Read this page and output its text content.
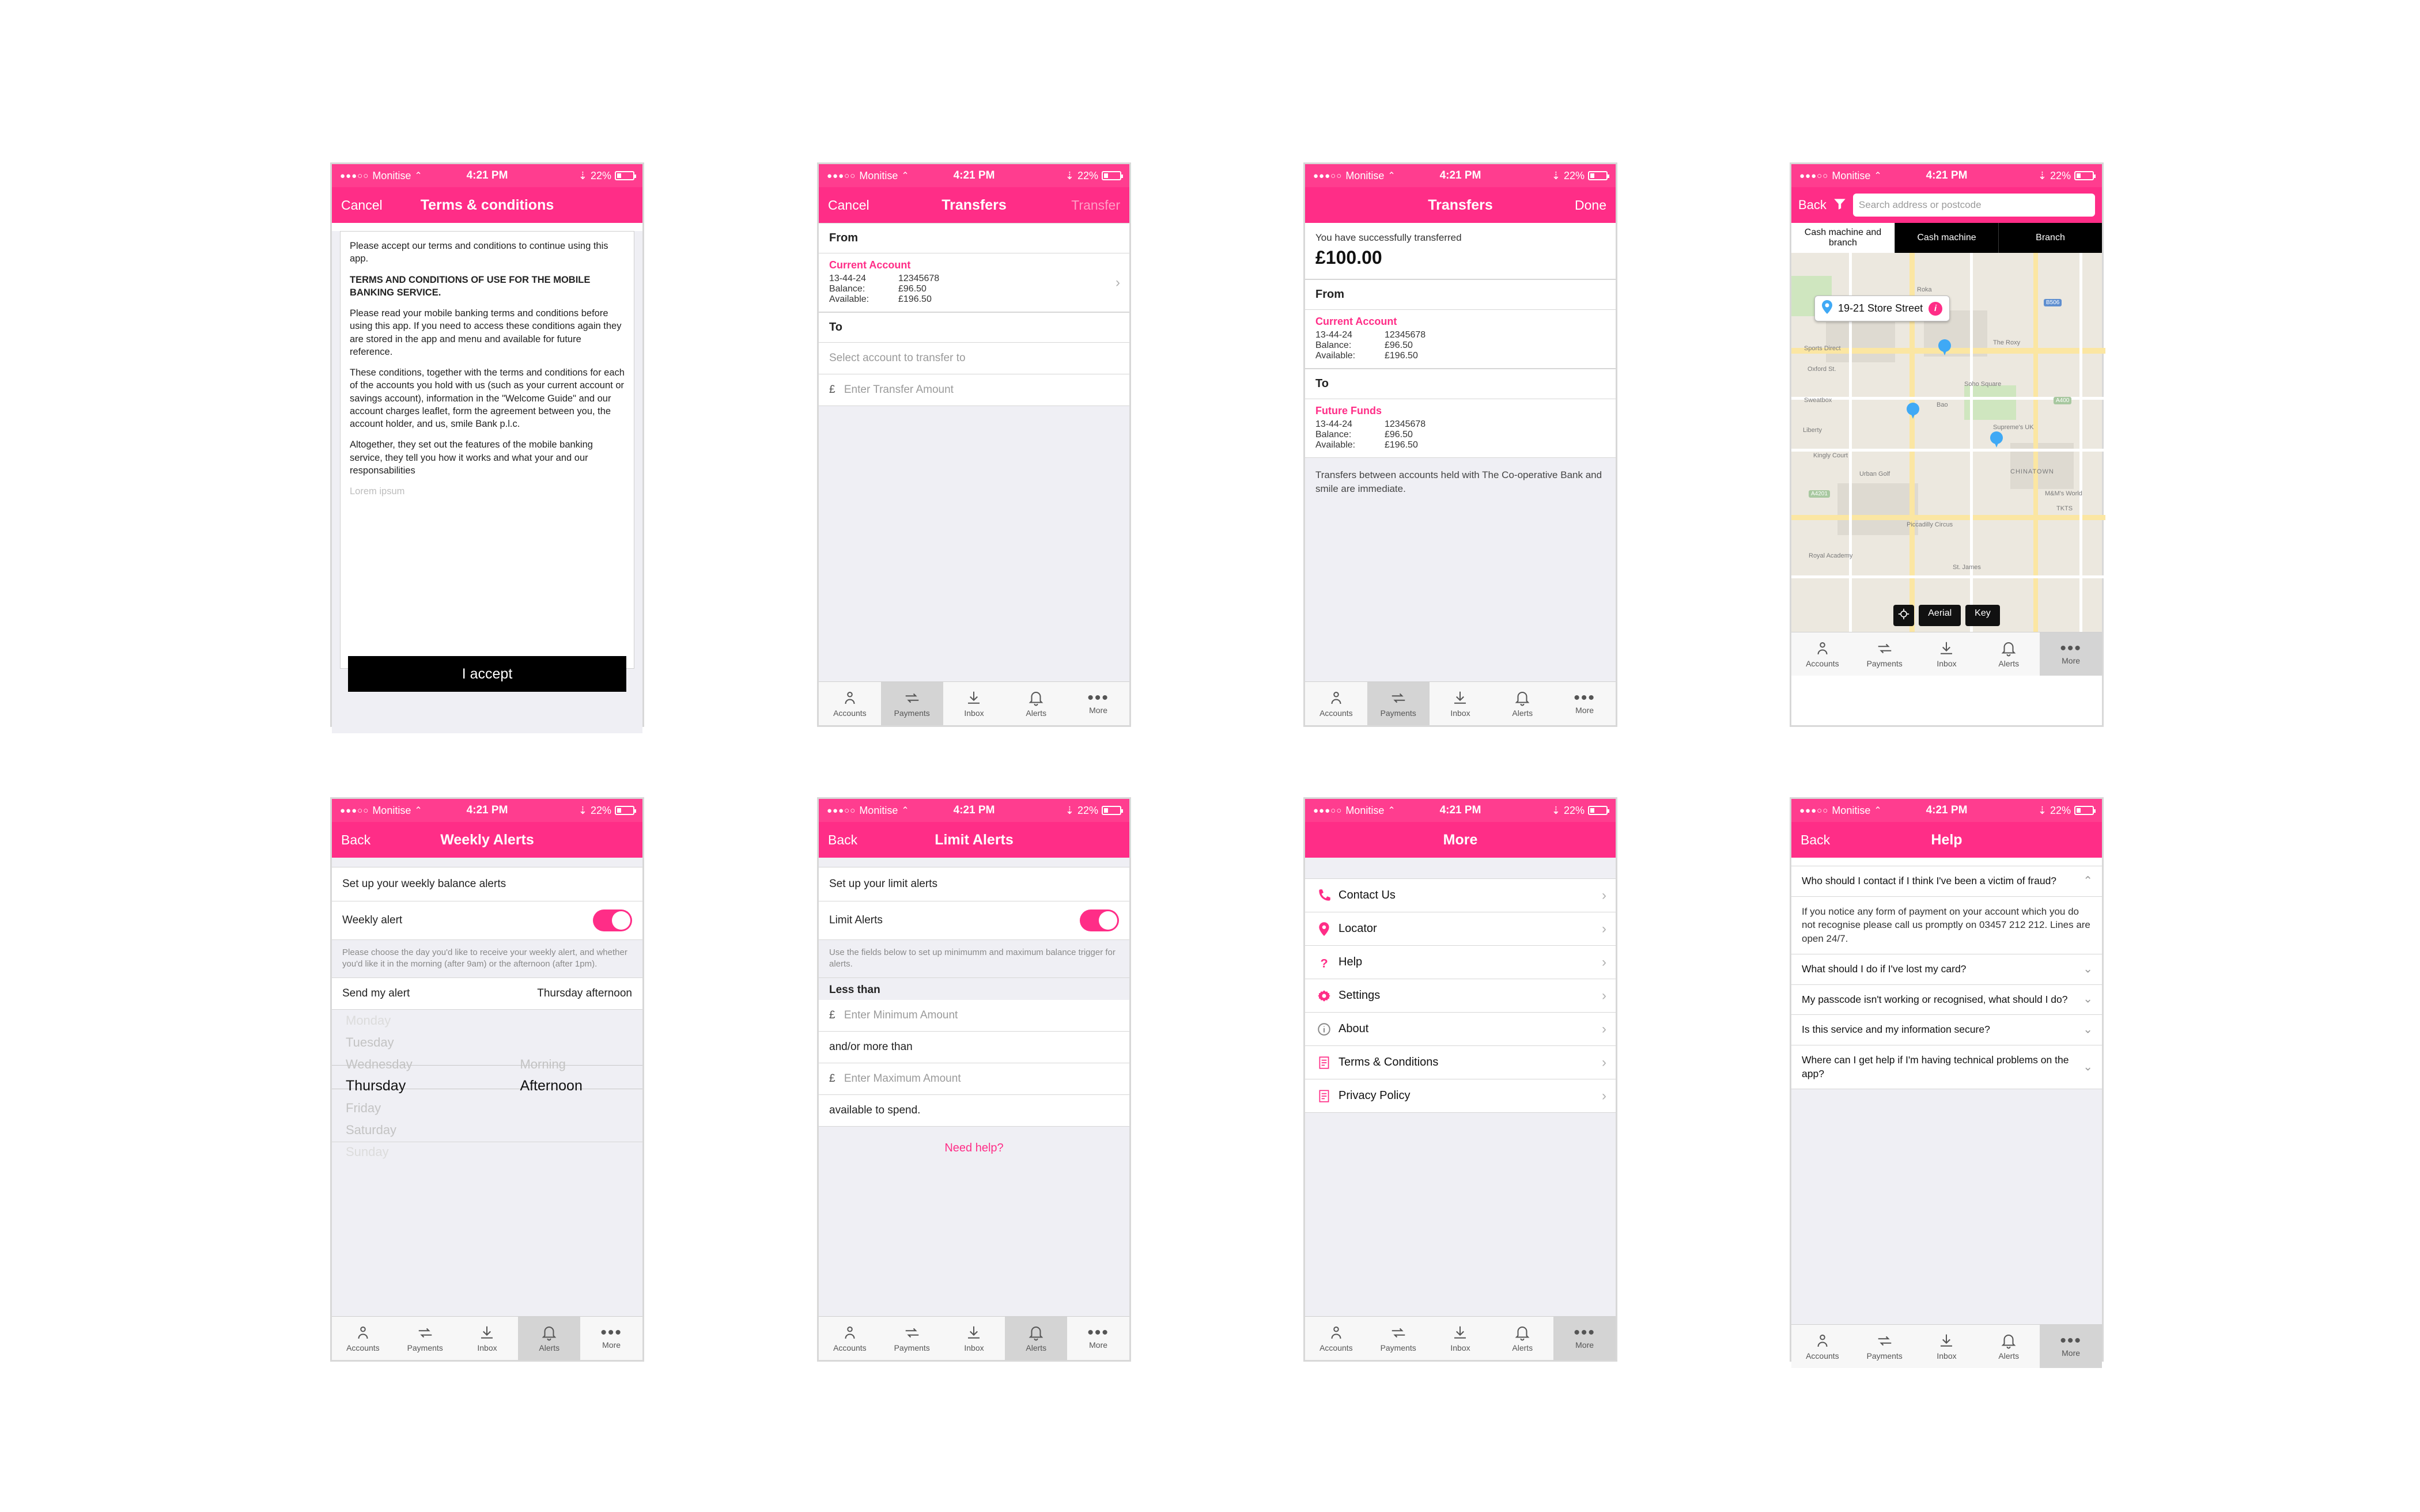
●●●○○ Monitise ⌃	4:21 PM	⇣ 22%
Cancel	Terms & conditions

Please accept our terms and conditions to continue using this app.

TERMS AND CONDITIONS OF USE FOR THE MOBILE BANKING SERVICE.

Please read your mobile banking terms and conditions before using this app. If you need to access these conditions again they are stored in the app and menu and available for future reference.

These conditions, together with the terms and conditions for each of the accounts you hold with us (such as your current account or savings account), information in the "Welcome Guide" and our account charges leaflet, form the agreement between you, the account holder, and us, smile Bank p.l.c.

Altogether, they set out the features of the mobile banking service, they tell you how it works and what your and our responsabilities

Lorem ipsum

I accept
●●●○○ Monitise ⌃	4:21 PM	⇣ 22%
Cancel	Transfers	Transfer
From
Current Account
13-44-24	12345678
Balance:	£96.50
Available:	£196.50
›
To
Select account to transfer to
£ Enter Transfer Amount
Accounts	Payments	Inbox	Alerts
•••
More
●●●○○ Monitise ⌃	4:21 PM	⇣ 22%
Transfers	Done
You have successfully transferred
£100.00
From
Current Account
13-44-24	12345678
Balance:	£96.50
Available:	£196.50
To
Future Funds
13-44-24	12345678
Balance:	£96.50
Available:	£196.50
Transfers between accounts held with The Co-operative Bank and smile are immediate.
Accounts	Payments	Inbox	Alerts
•••
More
●●●○○ Monitise ⌃	4:21 PM	⇣ 22%
Back	Search address or postcode
Cash machine and branch
Cash machine	Branch
19-21 Store Street	i
Roka
B506
Sports Direct
The Roxy
Oxford St.
Soho Square
Sweatbox
Bao
A400
Liberty	Supreme's UK
Kingly Court
Urban Golf	CHINATOWN
A4201	M&M's World
TKTS
Piccadilly Circus
Royal Academy
St. James
Aerial	Key
Accounts	Payments	Inbox	Alerts
•••
More
●●●○○ Monitise ⌃	4:21 PM	⇣ 22%
Back	Weekly Alerts
Set up your weekly balance alerts
Weekly alert
Please choose the day you'd like to receive your weekly alert, and whether you'd like it in the morning (after 9am) or the afternoon (after 1pm).
Send my alert	Thursday afternoon
Monday
Tuesday
Wednesday
Thursday
Friday
Saturday
Sunday
Morning
Afternoon
Accounts	Payments	Inbox	Alerts
•••
More
●●●○○ Monitise ⌃	4:21 PM	⇣ 22%
Back	Limit Alerts
Set up your limit alerts
Limit Alerts
Use the fields below to set up minimumm and maximum balance trigger for alerts.
Less than
£ Enter Minimum Amount
and/or more than
£ Enter Maximum Amount
available to spend.
Need help?
Accounts	Payments	Inbox	Alerts
•••
More
●●●○○ Monitise ⌃	4:21 PM	⇣ 22%
More
Contact Us	›
Locator	›
? Help	›
Settings	›
About	›
Terms & Conditions	›
Privacy Policy	›
Accounts	Payments	Inbox	Alerts
•••
More
●●●○○ Monitise ⌃	4:21 PM	⇣ 22%
Back	Help
Who should I contact if I think I've been a victim of fraud? ⌃
If you notice any form of payment on your account which you do not recognise please call us promptly on 03457 212 212. Lines are open 24/7.
What should I do if I've lost my card?	⌄
My passcode isn't working or recognised, what should I do? ⌄
Is this service and my information secure?	⌄
Where can I get help if I'm having technical problems on the app?
⌄
Accounts	Payments	Inbox	Alerts
•••
More
